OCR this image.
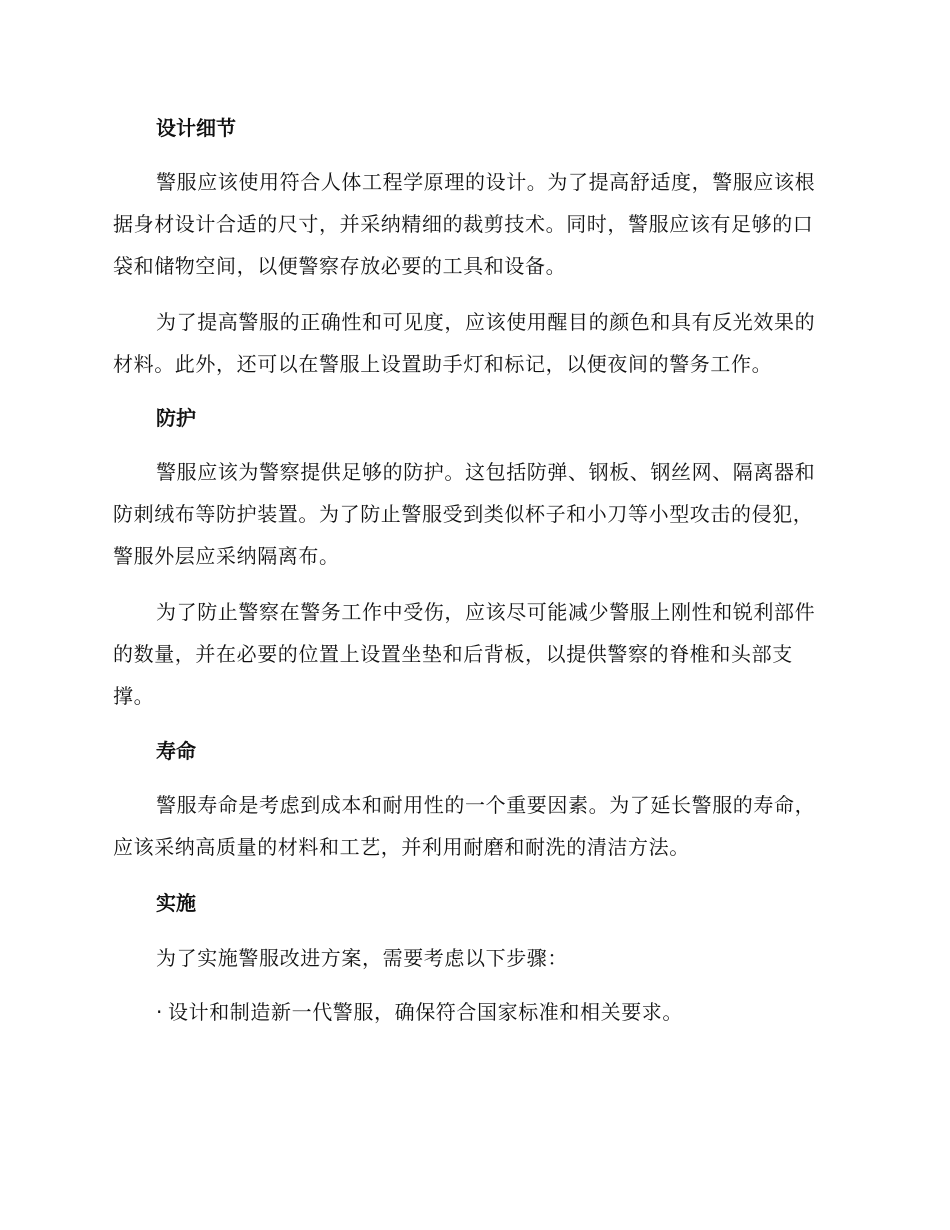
设计细节
警服应该使用符合人体工程学原理的设计。为了提高舒适度，警服应该根据身材设计合适的尺寸，并采纳精细的裁剪技术。同时，警服应该有足够的口袋和储物空间，以便警察存放必要的工具和设备。
为了提高警服的正确性和可见度，应该使用醒目的颜色和具有反光效果的材料。此外，还可以在警服上设置助手灯和标记，以便夜间的警务工作。
防护
警服应该为警察提供足够的防护。这包括防弹、钢板、钢丝网、隔离器和防刺绒布等防护装置。为了防止警服受到类似杯子和小刀等小型攻击的侵犯，警服外层应采纳隔离布。
为了防止警察在警务工作中受伤，应该尽可能减少警服上刚性和锐利部件的数量，并在必要的位置上设置坐垫和后背板，以提供警察的脊椎和头部支撑。
寿命
警服寿命是考虑到成本和耐用性的一个重要因素。为了延长警服的寿命，应该采纳高质量的材料和工艺，并利用耐磨和耐洗的清洁方法。
实施
为了实施警服改进方案，需要考虑以下步骤：
· 设计和制造新一代警服，确保符合国家标准和相关要求。
